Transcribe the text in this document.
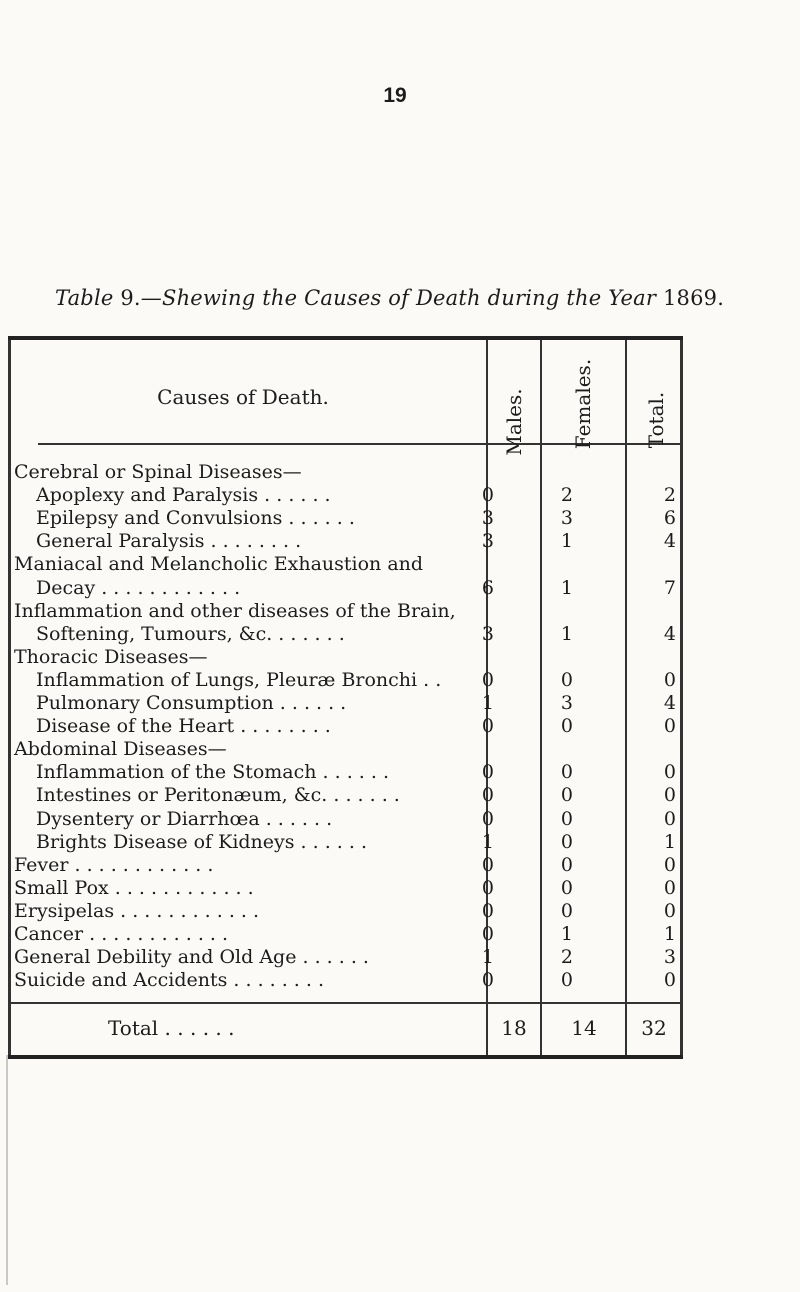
19
Table 9.—Shewing the Causes of Death during the Year 1869.
Causes of Death.	Males. Females. Total.
Cerebral or Spinal Diseases—
Apoplexy and Paralysis . . . . . .	0	2	2
Epilepsy and Convulsions . . . . . .	3	3	6
General Paralysis . . . . . . . .	3	1	4
Maniacal and Melancholic Exhaustion and
Decay . . . . . . . . . . . .	6	1	7
Inflammation and other diseases of the Brain,
Softening, Tumours, &c. . . . . . .	3	1	4
Thoracic Diseases—
Inflammation of Lungs, Pleuræ Bronchi . .	0	0	0
Pulmonary Consumption . . . . . .	1	3	4
Disease of the Heart . . . . . . . .	0	0	0
Abdominal Diseases—
Inflammation of the Stomach . . . . . .	0	0	0
Intestines or Peritonæum, &c. . . . . . .	0	0	0
Dysentery or Diarrhœa . . . . . .	0	0	0
Brights Disease of Kidneys . . . . . .	1	0	1
Fever . . . . . . . . . . . .	0	0	0
Small Pox . . . . . . . . . . . .	0	0	0
Erysipelas . . . . . . . . . . . .	0	0	0
Cancer . . . . . . . . . . . .	0	1	1
General Debility and Old Age . . . . . .	1	2	3
Suicide and Accidents . . . . . . . .	0	0	0
Total . . . . . .	18	14	32
